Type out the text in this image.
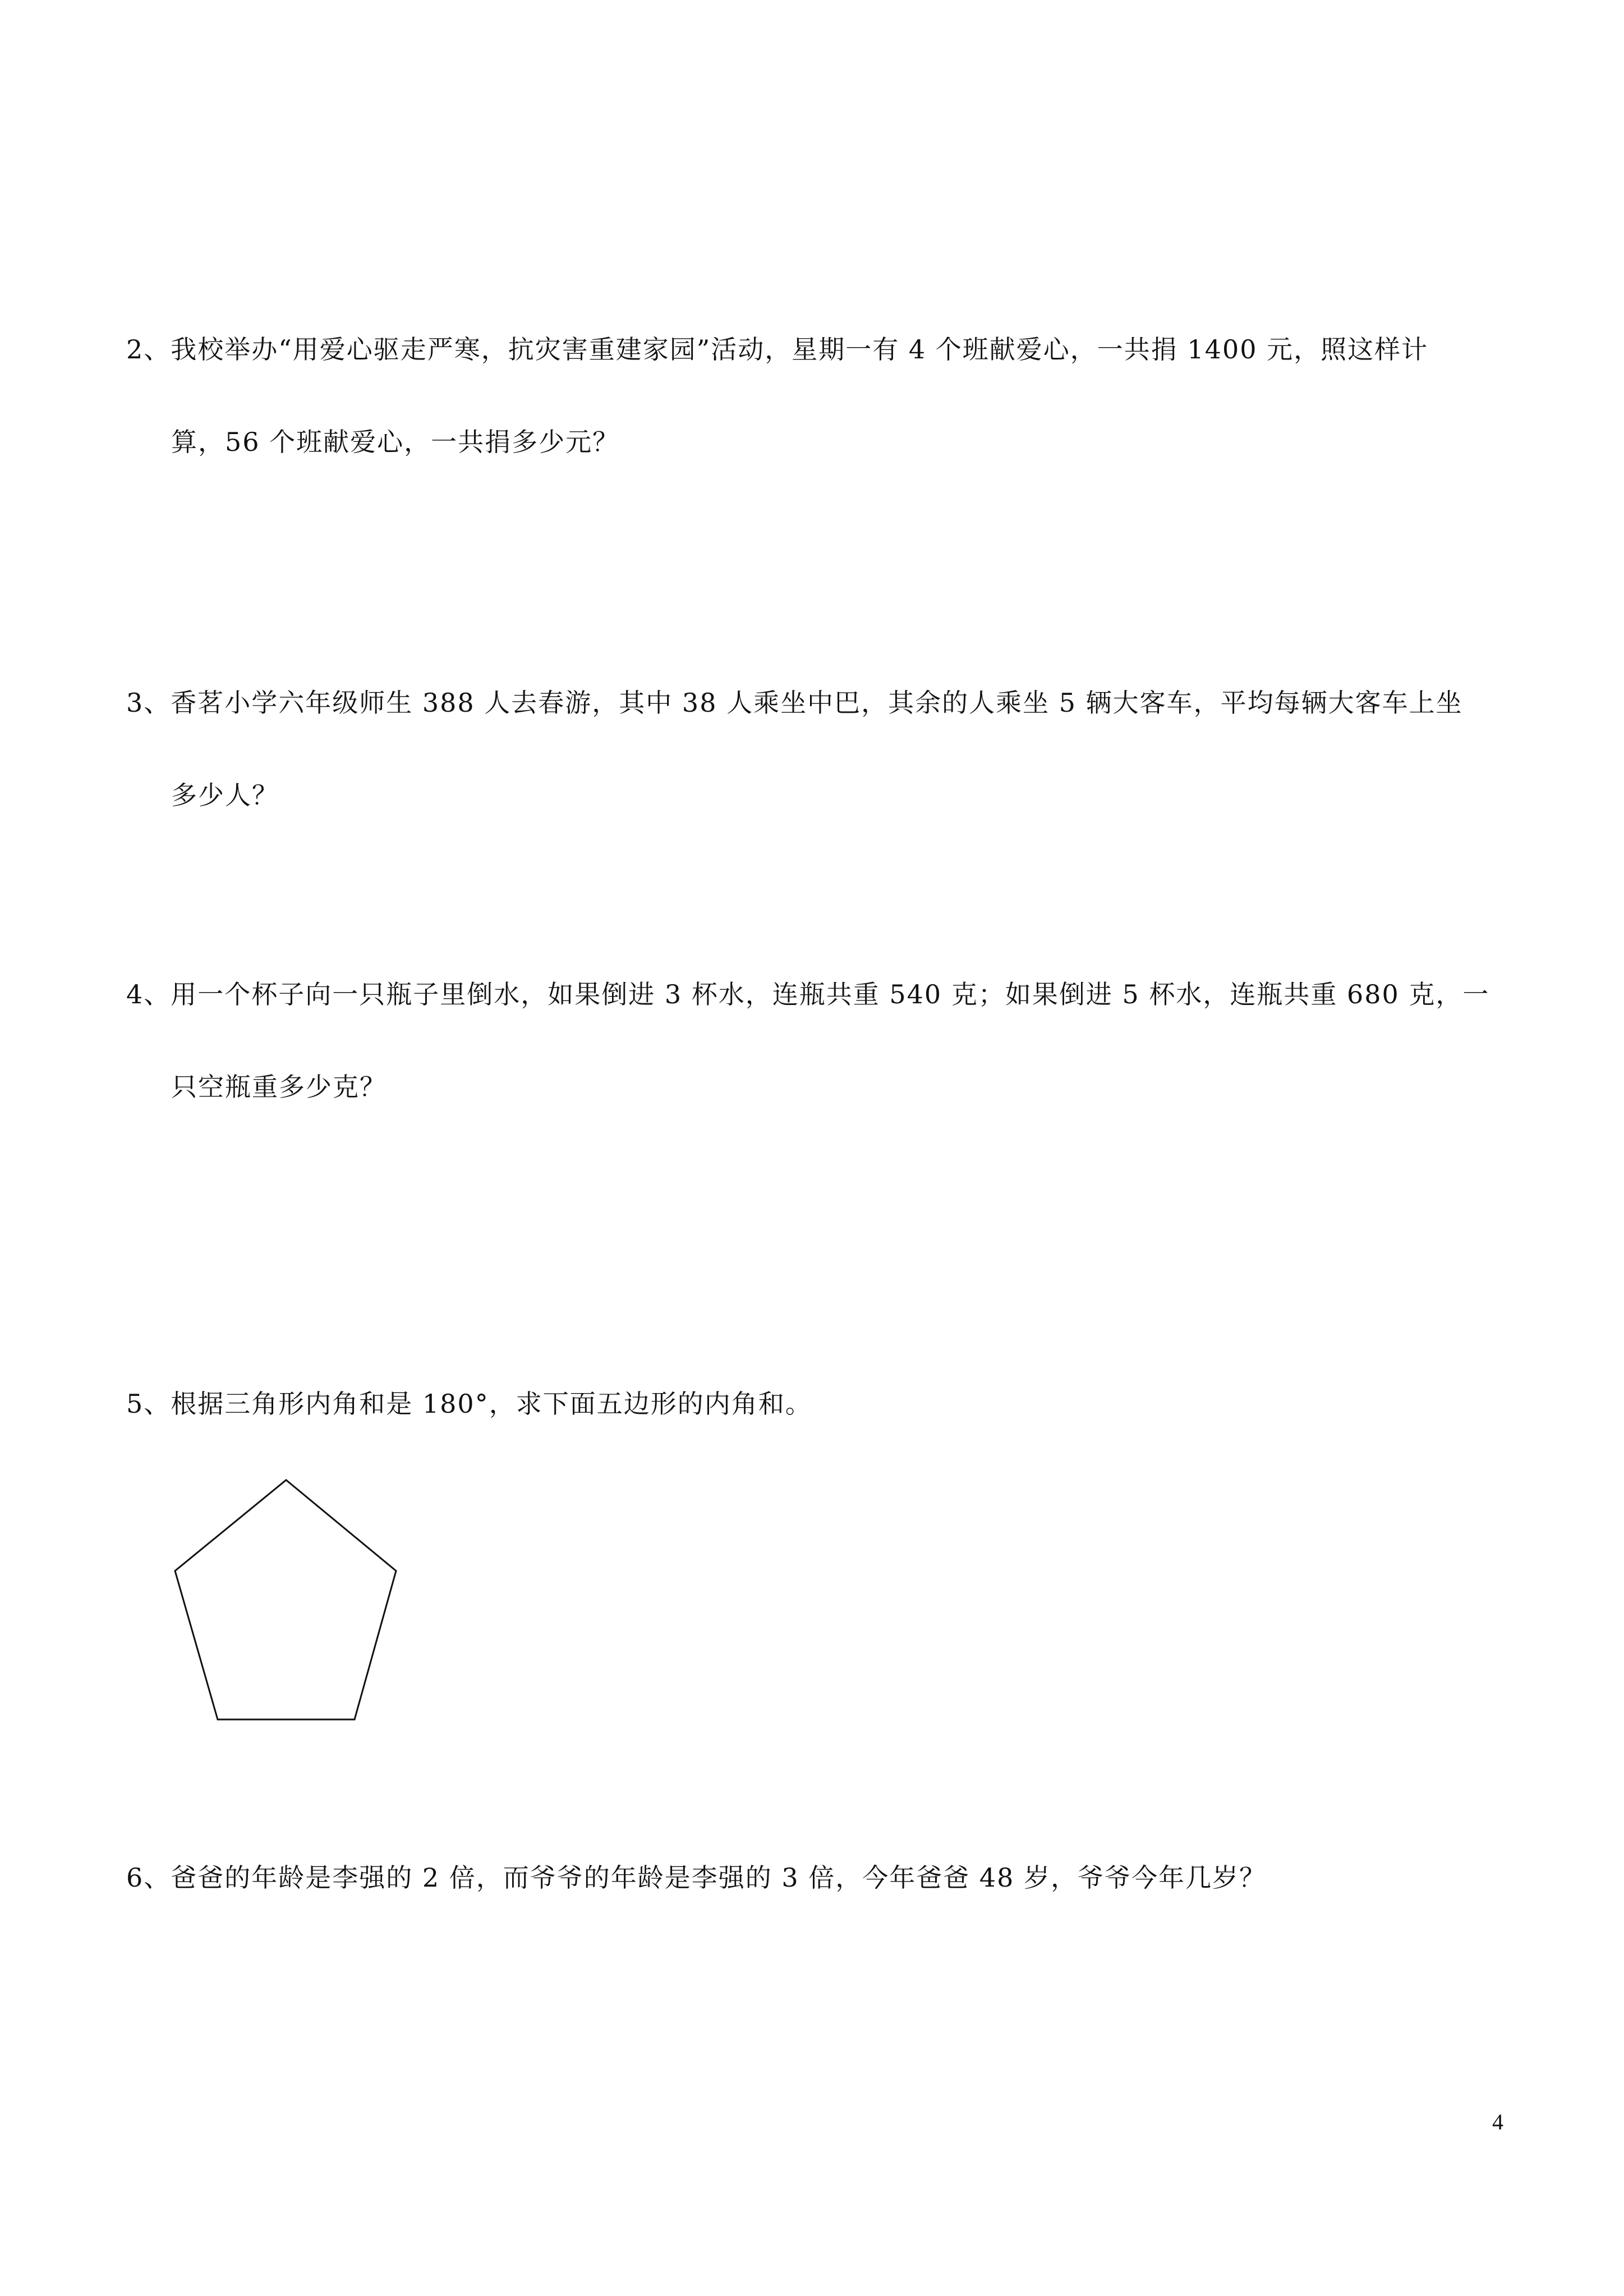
2、我校举办“用爱心驱走严寒，抗灾害重建家园”活动，星期一有 4 个班献爱心，一共捐 1400 元，照这样计
算，56 个班献爱心，一共捐多少元？
3、香茗小学六年级师生 388 人去春游，其中 38 人乘坐中巴，其余的人乘坐 5 辆大客车，平均每辆大客车上坐
多少人？
4、用一个杯子向一只瓶子里倒水，如果倒进 3 杯水，连瓶共重 540 克；如果倒进 5 杯水，连瓶共重 680 克，一
只空瓶重多少克？
5、根据三角形内角和是 180°，求下面五边形的内角和。
6、爸爸的年龄是李强的 2 倍，而爷爷的年龄是李强的 3 倍，今年爸爸 48 岁，爷爷今年几岁？
4
